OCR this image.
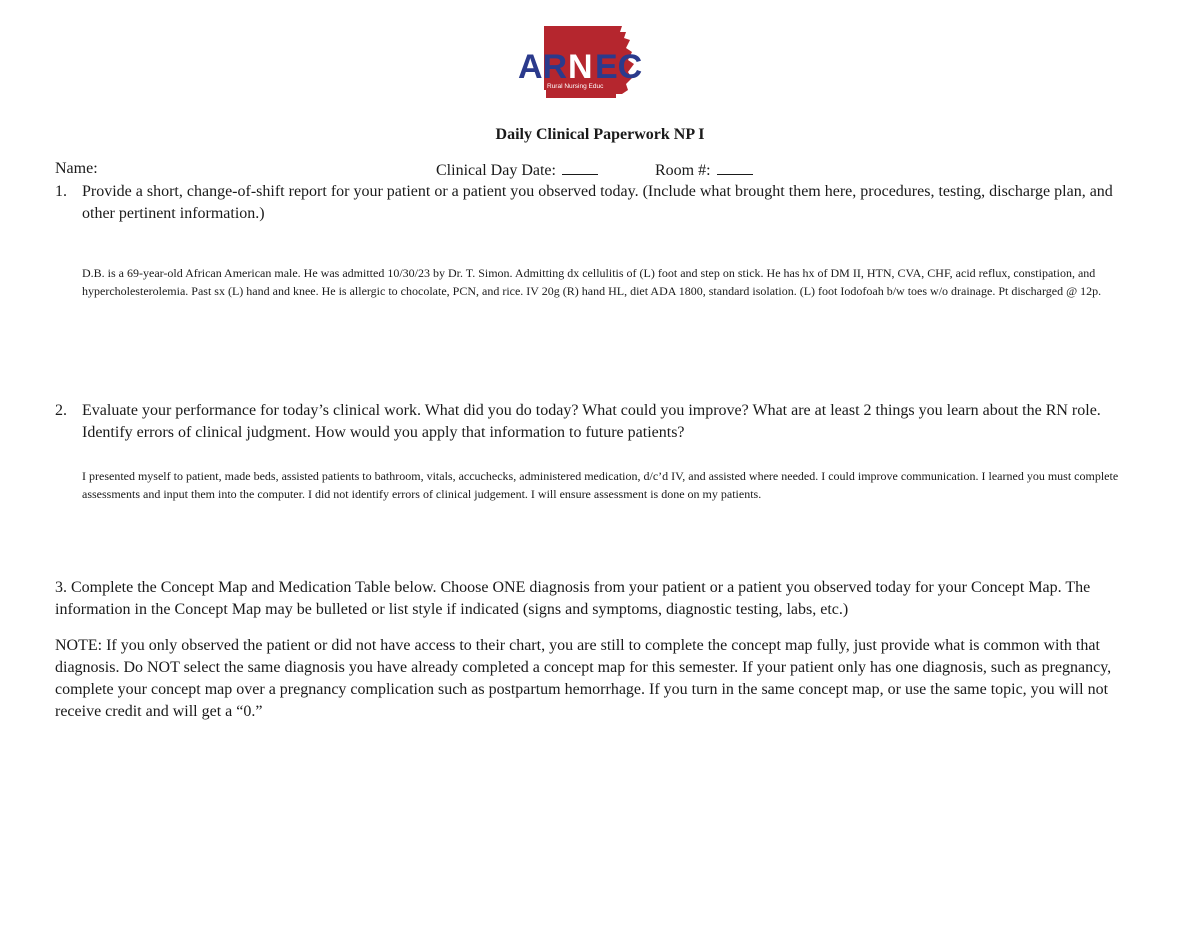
AR N EC
Rural Nursing Educ
Daily Clinical Paperwork NP I
Name:	Clinical Day Date:	Room #:
1. Provide a short, change-of-shift report for your patient or a patient you observed today. (Include what brought them here, procedures, testing, discharge plan, and other pertinent information.)
D.B. is a 69-year-old African American male. He was admitted 10/30/23 by Dr. T. Simon. Admitting dx cellulitis of (L) foot and step on stick. He has hx of DM II, HTN, CVA, CHF, acid reflux, constipation, and hypercholesterolemia. Past sx (L) hand and knee. He is allergic to chocolate, PCN, and rice. IV 20g (R) hand HL, diet ADA 1800, standard isolation. (L) foot Iodofoah b/w toes w/o drainage. Pt discharged @ 12p.
2. Evaluate your performance for today’s clinical work. What did you do today? What could you improve? What are at least 2 things you learn about the RN role. Identify errors of clinical judgment. How would you apply that information to future patients?
I presented myself to patient, made beds, assisted patients to bathroom, vitals, accuchecks, administered medication, d/c’d IV, and assisted where needed. I could improve communication. I learned you must complete assessments and input them into the computer. I did not identify errors of clinical judgement. I will ensure assessment is done on my patients.
3. Complete the Concept Map and Medication Table below. Choose ONE diagnosis from your patient or a patient you observed today for your Concept Map. The information in the Concept Map may be bulleted or list style if indicated (signs and symptoms, diagnostic testing, labs, etc.)
NOTE: If you only observed the patient or did not have access to their chart, you are still to complete the concept map fully, just provide what is common with that diagnosis. Do NOT select the same diagnosis you have already completed a concept map for this semester. If your patient only has one diagnosis, such as pregnancy, complete your concept map over a pregnancy complication such as postpartum hemorrhage. If you turn in the same concept map, or use the same topic, you will not receive credit and will get a “0.”
